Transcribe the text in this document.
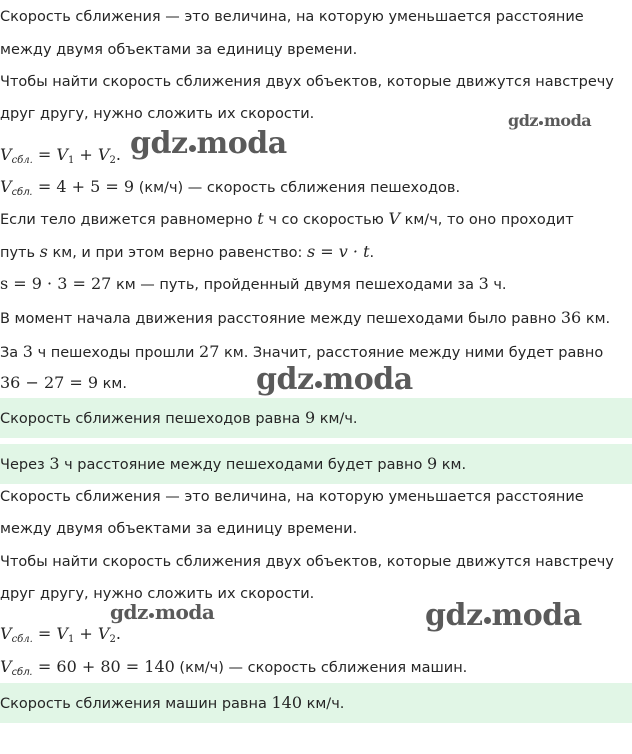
Скорость сближения — это величина, на которую уменьшается расстояние
между двумя объектами за единицу времени.
Чтобы найти скорость сближения двух объектов, которые движутся навстречу
друг другу, нужно сложить их скорости.
$V_{сбл.} = V_1 + V_2$.
$V_{сбл.} = 4 + 5 = 9$ (км/ч) — скорость сближения пешеходов.
Если тело движется равномерно t ч со скоростью V км/ч, то оно проходит
путь s км, и при этом верно равенство: s = v · t.
s = 9 · 3 = 27 км — путь, пройденный двумя пешеходами за 3 ч.
В момент начала движения расстояние между пешеходами было равно 36 км.
За 3 ч пешеходы прошли 27 км. Значит, расстояние между ними будет равно
36 − 27 = 9 км.
Скорость сближения пешеходов равна 9 км/ч.
Через 3 ч расстояние между пешеходами будет равно 9 км.
Скорость сближения — это величина, на которую уменьшается расстояние
между двумя объектами за единицу времени.
Чтобы найти скорость сближения двух объектов, которые движутся навстречу
друг другу, нужно сложить их скорости.
$V_{сбл.} = V_1 + V_2$.
$V_{сбл.} = 60 + 80 = 140$ (км/ч) — скорость сближения машин.
Скорость сближения машин равна 140 км/ч.
gdz moda
gdz moda
gdz moda
gdz moda	gdz moda
